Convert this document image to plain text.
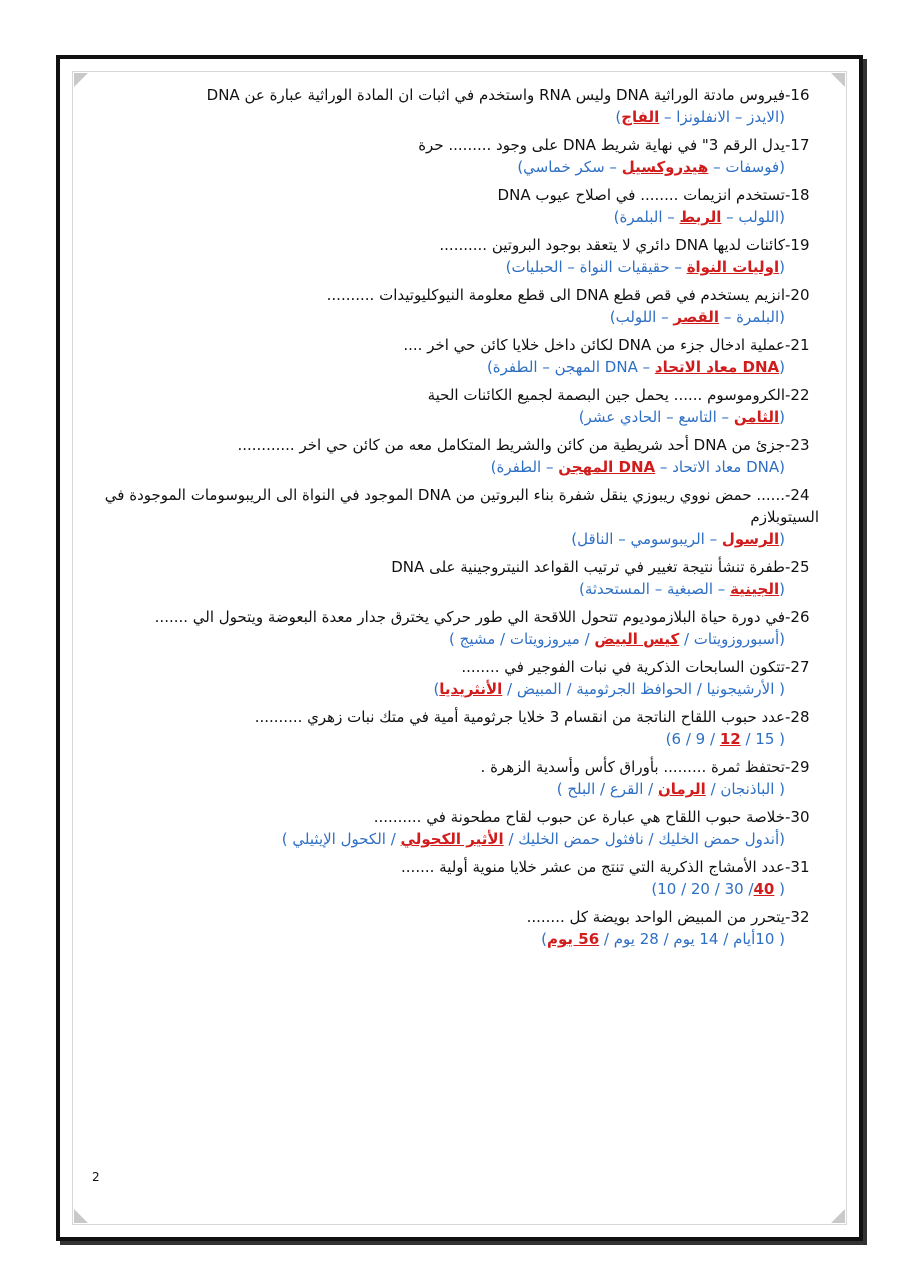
16-فيروس مادتة الوراثية DNA وليس RNA واستخدم في اثبات ان المادة الوراثية عبارة عن DNA

(الايدز – الانفلونزا – الفاج)

17-يدل الرقم 3" في نهاية شريط DNA على وجود ......... حرة

(فوسفات – هيدروكسيل – سكر خماسي)

18-تستخدم انزيمات ........ في اصلاح عيوب DNA

(اللولب – الربط – البلمرة)

19-كائنات لديها DNA دائري لا يتعقد بوجود البروتين ..........

(اوليات النواة – حقيقيات النواة – الحبليات)

20-انزيم يستخدم في قص قطع DNA الى قطع معلومة النيوكليوتيدات ..........

(البلمرة – القصر – اللولب)

21-عملية ادخال جزء من DNA لكائن داخل خلايا كائن حي اخر ....

(DNA معاد الاتحاد – DNA المهجن – الطفرة)

22-الكروموسوم ...... يحمل جين البصمة لجميع الكائنات الحية

(الثامن – التاسع – الحادي عشر)

23-جزئ من DNA أحد شريطية من كائن والشريط المتكامل معه من كائن حي اخر ............

(DNA معاد الاتحاد – DNA المهجن – الطفرة)

24-...... حمض نووي ريبوزي ينقل شفرة بناء البروتين من DNA الموجود في النواة الى الريبوسومات الموجودة في السيتوبلازم

(الرسول – الريبوسومي – الناقل)

25-طفرة تنشأ نتيجة تغيير في ترتيب القواعد النيتروجينية على DNA

(الجينية – الصبغية – المستحدثة)

26-في دورة حياة البلازموديوم تتحول اللاقحة الي طور حركي يخترق جدار معدة البعوضة ويتحول الي .......

(أسبوروزويتات / كيس البيض / ميروزويتات / مشيج )

27-تتكون السابحات الذكرية في نبات الفوجير في ........

( الأرشيجونيا / الحوافظ الجرثومية / المبيض / الأنثريديا)

28-عدد حبوب اللقاح الناتجة من انقسام 3 خلايا جرثومية أمية في متك نبات زهري ..........

( 15 / 12 / 9 / 6)

29-تحتفظ ثمرة ......... بأوراق كأس وأسدية الزهرة .

( الباذنجان / الرمان / القرع / البلح )

30-خلاصة حبوب اللقاح هي عبارة عن حبوب لقاح مطحونة في ..........

(أندول حمض الخليك / نافثول حمض الخليك / الأثير الكحولي / الكحول الإيثيلي )

31-عدد الأمشاج الذكرية التي تنتج من عشر خلايا منوية أولية .......

( 40/ 30 / 20 / 10)

32-يتحرر من المبيض الواحد بويضة كل ........

( 10أيام / 14 يوم / 28 يوم / 56 يوم)

2
